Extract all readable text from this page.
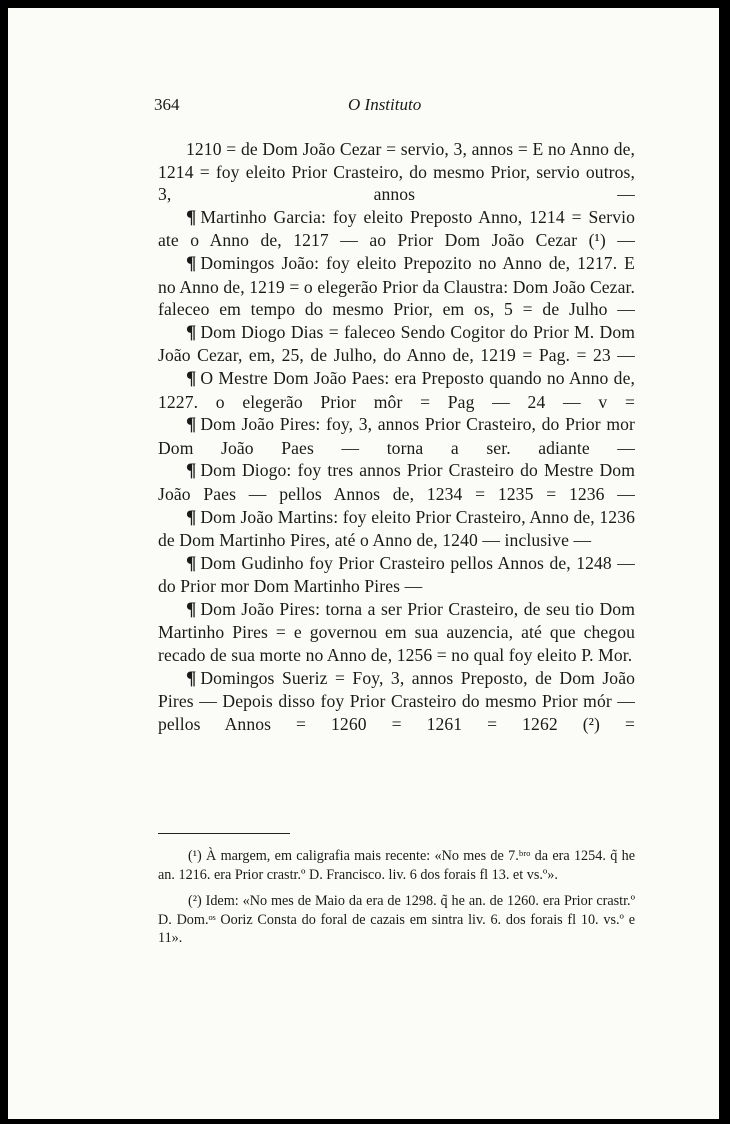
364	O Instituto

1210 = de Dom João Cezar = servio, 3, annos = E no Anno de, 1214 = foy eleito Prior Crasteiro, do mesmo Prior, servio outros, 3, annos —

¶ Martinho Garcia: foy eleito Preposto Anno, 1214 = Servio ate o Anno de, 1217 — ao Prior Dom João Cezar (¹) —

¶ Domingos João: foy eleito Prepozito no Anno de, 1217. E no Anno de, 1219 = o elegerão Prior da Claustra: Dom João Cezar. faleceo em tempo do mesmo Prior, em os, 5 = de Julho —

¶ Dom Diogo Dias = faleceo Sendo Cogitor do Prior M. Dom João Cezar, em, 25, de Julho, do Anno de, 1219 = Pag. = 23 —

¶ O Mestre Dom João Paes: era Preposto quando no Anno de, 1227. o elegerão Prior môr = Pag — 24 — v =

¶ Dom João Pires: foy, 3, annos Prior Crasteiro, do Prior mor Dom João Paes — torna a ser. adiante —

¶ Dom Diogo: foy tres annos Prior Crasteiro do Mestre Dom João Paes — pellos Annos de, 1234 = 1235 = 1236 —

¶ Dom João Martins: foy eleito Prior Crasteiro, Anno de, 1236 de Dom Martinho Pires, até o Anno de, 1240 — inclusive —

¶ Dom Gudinho foy Prior Crasteiro pellos Annos de, 1248 — do Prior mor Dom Martinho Pires —

¶ Dom João Pires: torna a ser Prior Crasteiro, de seu tio Dom Martinho Pires = e governou em sua auzencia, até que chegou recado de sua morte no Anno de, 1256 = no qual foy eleito P. Mor.

¶ Domingos Sueriz = Foy, 3, annos Preposto, de Dom João Pires — Depois disso foy Prior Crasteiro do mesmo Prior mór — pellos Annos = 1260 = 1261 = 1262 (²) =

(¹) À margem, em caligrafia mais recente: «No mes de 7.ᵇʳᵒ da era 1254. q̃ he an. 1216. era Prior crastr.º D. Francisco. liv. 6 dos forais fl 13. et vs.º».

(²) Idem: «No mes de Maio da era de 1298. q̃ he an. de 1260. era Prior crastr.º D. Dom.ᵒˢ Ooriz Consta do foral de cazais em sintra liv. 6. dos forais fl 10. vs.º e 11».
